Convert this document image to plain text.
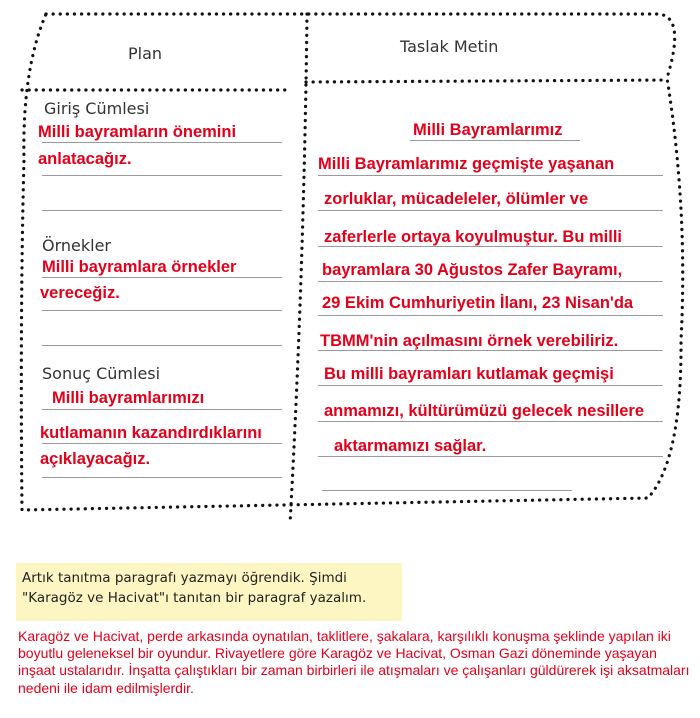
Plan	Taslak Metin
Giriş Cümlesi
Milli bayramların önemini
anlatacağız.
Örnekler
Milli bayramlara örnekler
vereceğiz.
Sonuç Cümlesi
Milli bayramlarımızı
kutlamanın kazandırdıklarını
açıklayacağız.
Milli Bayramlarımız
Milli Bayramlarımız geçmişte yaşanan
zorluklar, mücadeleler, ölümler ve
zaferlerle ortaya koyulmuştur. Bu milli
bayramlara 30 Ağustos Zafer Bayramı,
29 Ekim Cumhuriyetin İlanı, 23 Nisan'da
TBMM'nin açılmasını örnek verebiliriz.
Bu milli bayramları kutlamak geçmişi
anmamızı, kültürümüzü gelecek nesillere
aktarmamızı sağlar.
Artık tanıtma paragrafı yazmayı öğrendik. Şimdi
"Karagöz ve Hacivat"ı tanıtan bir paragraf yazalım.
Karagöz ve Hacivat, perde arkasında oynatılan, taklitlere, şakalara, karşılıklı konuşma şeklinde yapılan iki boyutlu geleneksel bir oyundur. Rivayetlere göre Karagöz ve Hacivat, Osman Gazi döneminde yaşayan inşaat ustalarıdır. İnşatta çalıştıkları bir zaman birbirleri ile atışmaları ve çalışanları güldürerek işi aksatmaları nedeni ile idam edilmişlerdir.
